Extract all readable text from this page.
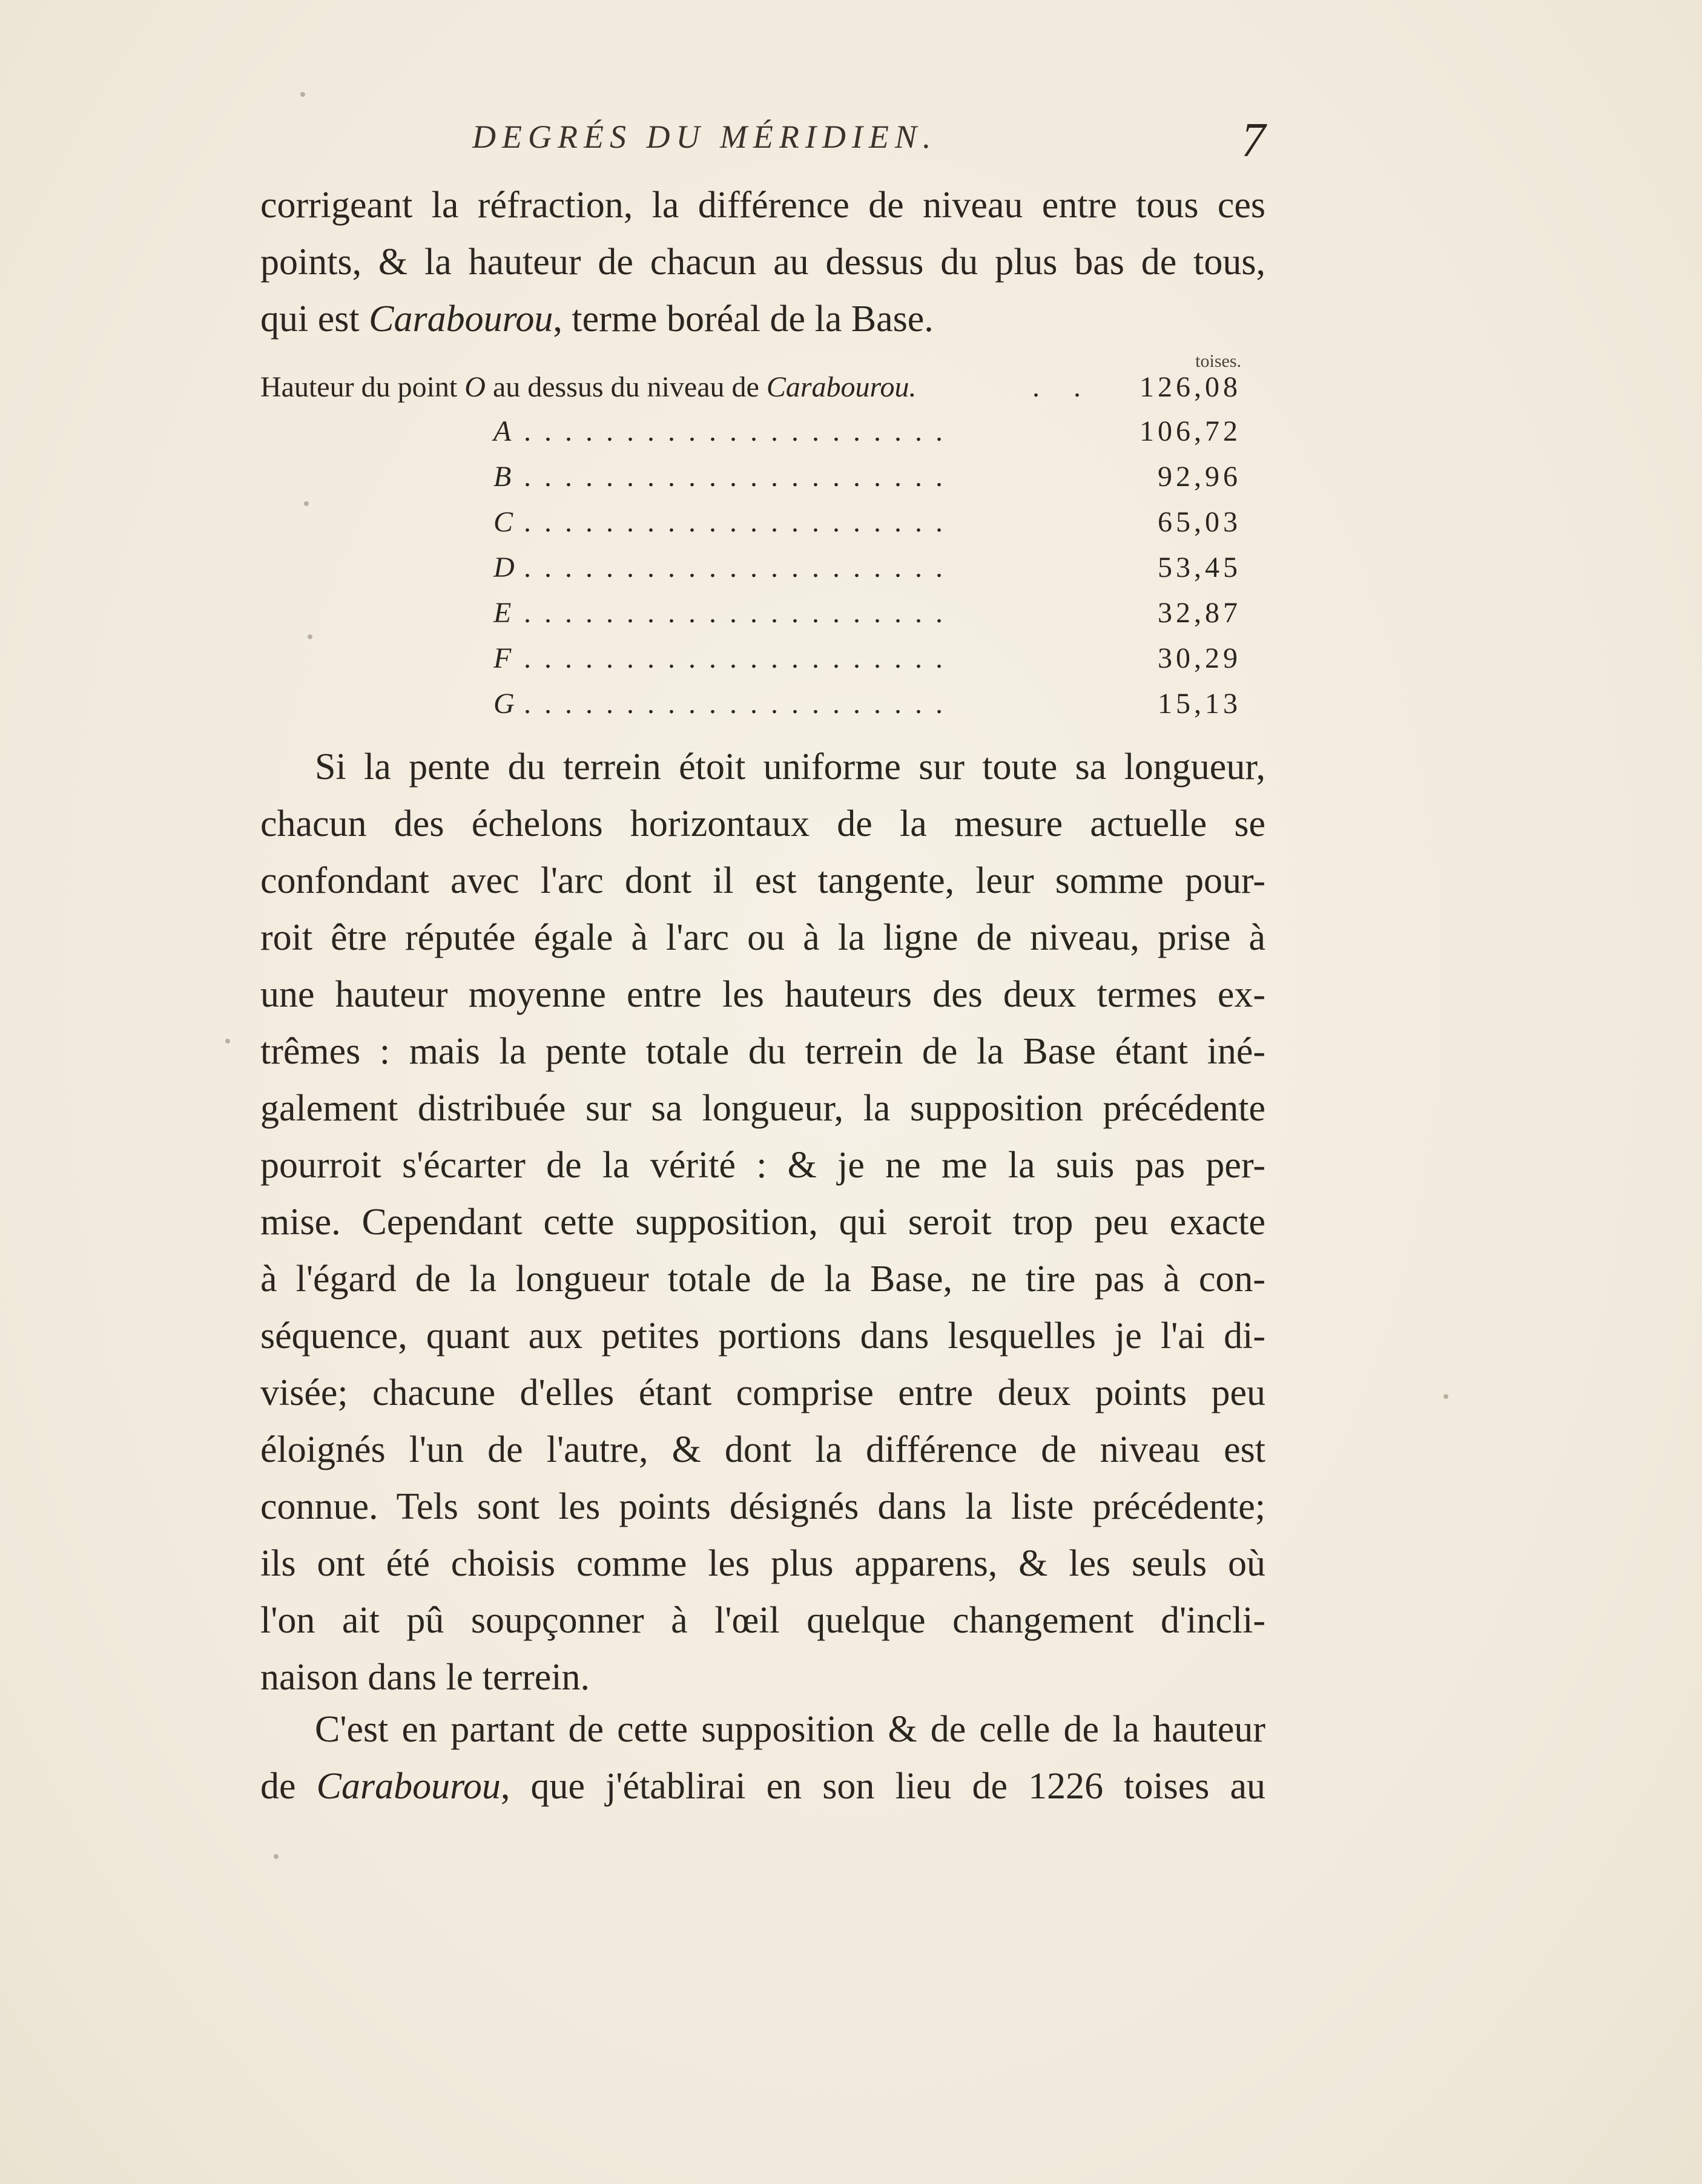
DEGRÉS DU MÉRIDIEN.	7
corrigeant la réfraction, la différence de niveau entre tous ces
points, & la hauteur de chacun au dessus du plus bas de tous,
qui est Carabourou, terme boréal de la Base.
toises.
Hauteur du point O au dessus du niveau de Carabourou.	. . 126,08
A .....................	106,72
B .....................	92,96
C .....................	65,03
D .....................	53,45
E .....................	32,87
F .....................	30,29
G .....................	15,13
Si la pente du terrein étoit uniforme sur toute sa longueur,
chacun des échelons horizontaux de la mesure actuelle se
confondant avec l'arc dont il est tangente, leur somme pour-
roit être réputée égale à l'arc ou à la ligne de niveau, prise à
une hauteur moyenne entre les hauteurs des deux termes ex-
trêmes : mais la pente totale du terrein de la Base étant iné-
galement distribuée sur sa longueur, la supposition précédente
pourroit s'écarter de la vérité : & je ne me la suis pas per-
mise. Cependant cette supposition, qui seroit trop peu exacte
à l'égard de la longueur totale de la Base, ne tire pas à con-
séquence, quant aux petites portions dans lesquelles je l'ai di-
visée; chacune d'elles étant comprise entre deux points peu
éloignés l'un de l'autre, & dont la différence de niveau est
connue. Tels sont les points désignés dans la liste précédente;
ils ont été choisis comme les plus apparens, & les seuls où
l'on ait pû soupçonner à l'œil quelque changement d'incli-
naison dans le terrein.
C'est en partant de cette supposition & de celle de la hauteur
de Carabourou, que j'établirai en son lieu de 1226 toises au
